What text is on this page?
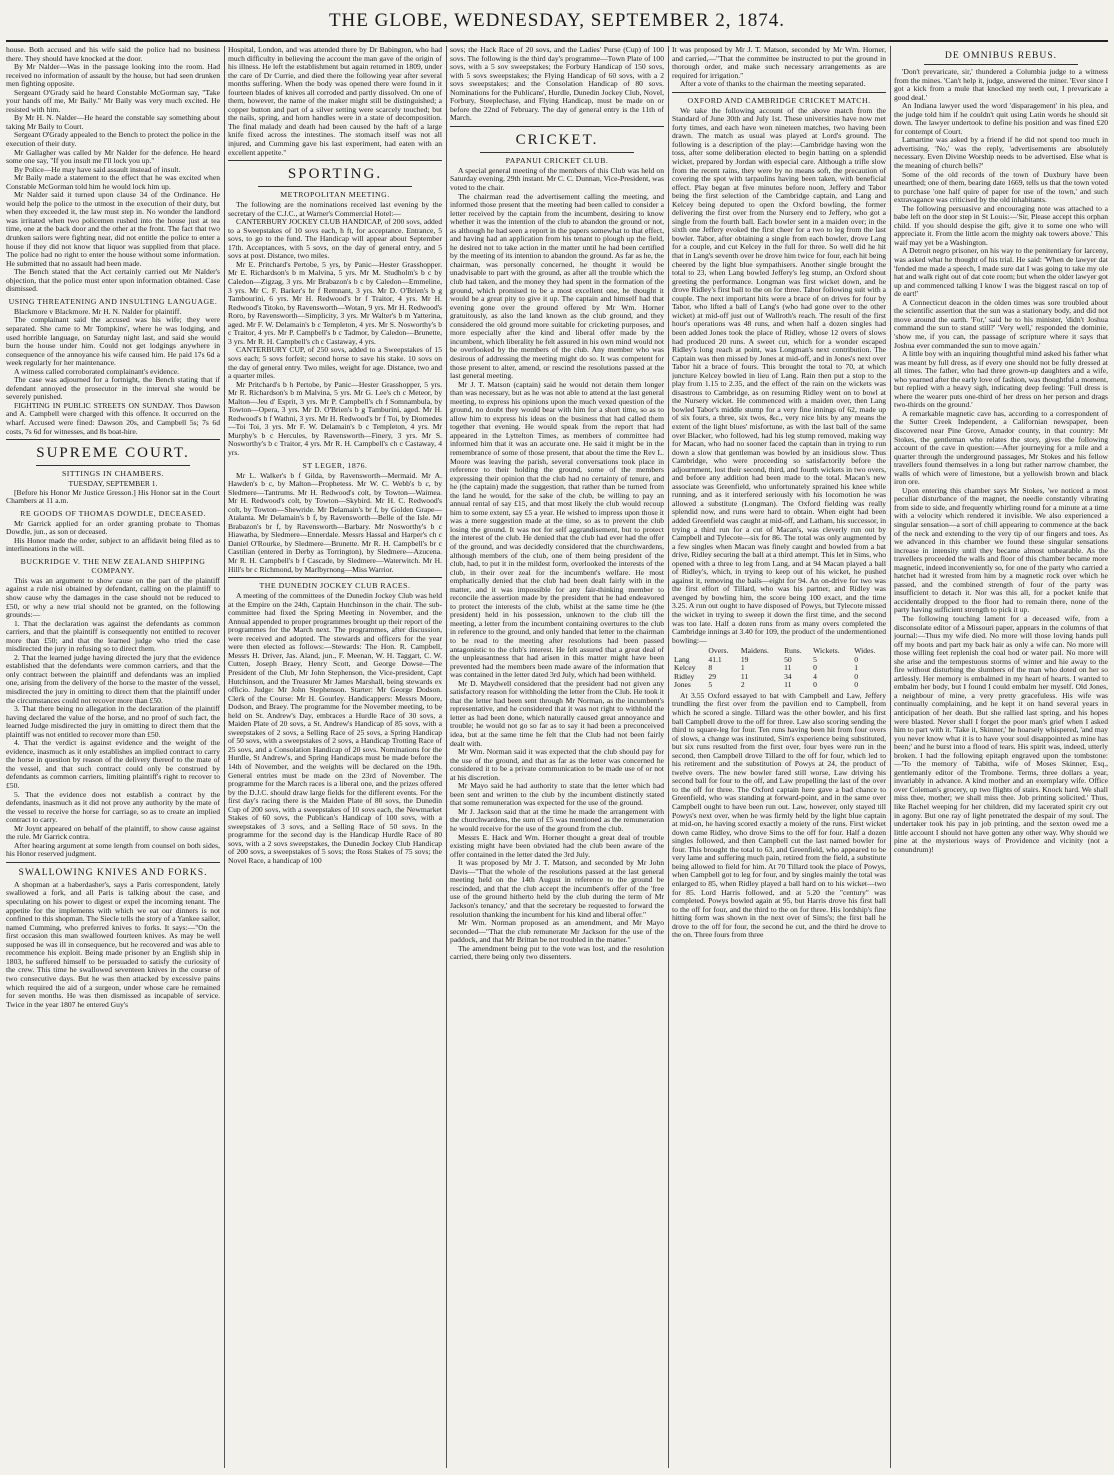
THE GLOBE, WEDNESDAY, SEPTEMBER 2, 1874.

house. Both accused and his wife said the police had no business there. They should have knocked at the door.

By Mr Nalder—Was in the passage looking into the room. Had received no information of assault by the house, but had seen drunken men fighting opposite.

Sergeant O'Grady said he heard Constable McGorman say, "Take your hands off me, Mr Baily." Mr Baily was very much excited. He resisted with him.

By Mr H. N. Nalder—He heard the constable say something about taking Mr Baily to Court.

Sergeant O'Grady appealed to the Bench to protect the police in the execution of their duty.

Mr Gallagher was called by Mr Nalder for the defence. He heard some one say, "If you insult me I'll lock you up."

By Police—He may have said assault instead of insult.

Mr Baily made a statement to the effect that he was excited when Constable McGorman told him he would lock him up.

Mr Nalder said it turned upon clause 34 of the Ordinance. He would help the police to the utmost in the execution of their duty, but when they exceeded it, the law must step in. No wonder the landlord was irritated when two policemen rushed into the house just at tea time, one at the back door and the other at the front. The fact that two drunken sailors were fighting near, did not entitle the police to enter a house if they did not know that liquor was supplied from that place. The police had no right to enter the house without some information. He submitted that no assault had been made.

The Bench stated that the Act certainly carried out Mr Nalder's objection, that the police must enter upon information obtained. Case dismissed.

USING THREATENING AND INSULTING LANGUAGE.

Blackmore v Blackmore. Mr H. N. Nalder for plaintiff.

The complainant said the accused was his wife; they were separated. She came to Mr Tompkins', where he was lodging, and used horrible language, on Saturday night last, and said she would burn the house under him. Could not get lodgings anywhere in consequence of the annoyance his wife caused him. He paid 17s 6d a week regularly for her maintenance.

A witness called corroborated complainant's evidence.

The case was adjourned for a fortnight, the Bench stating that if defendant annoyed the prosecutor in the interval she would be severely punished.

FIGHTING IN PUBLIC STREETS ON SUNDAY. Thos Dawson and A. Campbell were charged with this offence. It occurred on the wharf. Accused were fined: Dawson 20s, and Campbell 5s; 7s 6d costs, 7s 6d for witnesses, and 8s boat-hire.

SUPREME COURT.
SITTINGS IN CHAMBERS.

TUESDAY, SEPTEMBER 1.

[Before his Honor Mr Justice Gresson.] His Honor sat in the Court Chambers at 11 a.m.

RE GOODS OF THOMAS DOWDLE, DECEASED.

Mr Garrick applied for an order granting probate to Thomas Dowdle, jun., as son or deceased.

His Honor made the order, subject to an affidavit being filed as to interlineations in the will.

BUCKRIDGE V. THE NEW ZEALAND SHIPPING COMPANY.

This was an argument to show cause on the part of the plaintiff against a rule nisi obtained by defendant, calling on the plaintiff to show cause why the damages in the case should not be reduced to £50, or why a new trial should not be granted, on the following grounds:—

1. That the declaration was against the defendants as common carriers, and that the plaintiff is consequently not entitled to recover more than £50; and that the learned judge who tried the case misdirected the jury in refusing so to direct them.

2. That the learned judge having directed the jury that the evidence established that the defendants were common carriers, and that the only contract between the plaintiff and defendants was an implied one, arising from the delivery of the horse to the master of the vessel, misdirected the jury in omitting to direct them that the plaintiff under the circumstances could not recover more than £50.

3. That there being no allegation in the declaration of the plaintiff having declared the value of the horse, and no proof of such fact, the learned Judge misdirected the jury in omitting to direct them that the plaintiff was not entitled to recover more than £50.

4. That the verdict is against evidence and the weight of the evidence, inasmuch as it only establishes an implied contract to carry the horse in question by reason of the delivery thereof to the mate of the vessel, and that such contract could only be construed by defendants as common carriers, limiting plaintiff's right to recover to £50.

5. That the evidence does not establish a contract by the defendants, inasmuch as it did not prove any authority by the mate of the vessel to receive the horse for carriage, so as to create an implied contract to carry.

Mr Joynt appeared on behalf of the plaintiff, to show cause against the rule. Mr Garrick contra.

After hearing argument at some length from counsel on both sides, his Honor reserved judgment.

SWALLOWING KNIVES AND FORKS.

A shopman at a haberdasher's, says a Paris correspondent, lately swallowed a fork, and all Paris is talking about the case, and speculating on his power to digest or expel the incoming tenant. The appetite for the implements with which we eat our dinners is not confined to this shopman. The Siecle tells the story of a Yankee sailor, named Cumming, who preferred knives to forks. It says:—"On the first occasion this man swallowed fourteen knives. As may be well supposed he was ill in consequence, but he recovered and was able to recommence his exploit. Being made prisoner by an English ship in 1803, he suffered himself to be persuaded to satisfy the curiosity of the crew. This time he swallowed seventeen knives in the course of two consecutive days. But he was then attacked by excessive pains which required the aid of a surgeon, under whose care he remained for seven months. He was then dismissed as incapable of service. Twice in the year 1807 he entered Guy's

Hospital, London, and was attended there by Dr Babington, who had much difficulty in believing the account the man gave of the origin of his illness. He left the establishment but again returned in 1809, under the care of Dr Currie, and died there the following year after several months suffering. When the body was opened there were found in it fourteen blades of knives all corroded and partly dissolved. On one of them, however, the name of the maker might still be distinguished; a copper button and part of a silver setting were scarcely touched; but the nails, spring, and horn handles were in a state of decomposition. The final malady and death had been caused by the haft of a large knife fixed across the intestines. The stomach itself was not all injured, and Cumming gave his last experiment, had eaten with an excellent appetite."

SPORTING.
METROPOLITAN MEETING.

The following are the nominations received last evening by the secretary of the C.J.C., at Warner's Commercial Hotel:—

CANTERBURY JOCKEY CLUB HANDICAP, of 200 sovs, added to a Sweepstakes of 10 sovs each, h ft, for acceptance. Entrance, 5 sovs, to go to the fund. The Handicap will appear about September 17th. Acceptances, with 5 sovs, on the day of general entry, and 5 sovs at post. Distance, two miles.

Mr E. Pritchard's Pertobe, 5 yrs, by Panic—Hester Grasshopper. Mr E. Richardson's b m Malvina, 5 yrs. Mr M. Studholm's b c by Caledon—Zigzag, 3 yrs. Mr Brabazon's b c by Caledon—Emmeline, 3 yrs. Mr C. F. Barker's br f Remnant, 3 yrs. Mr D. O'Brien's b g Tambourini, 6 yrs. Mr H. Redwood's br f Traitor, 4 yrs. Mr H. Redwood's Titoko, by Ravensworth—Wotan, 9 yrs. Mr H. Redwood's Roro, by Ravensworth—Simplicity, 3 yrs. Mr Walter's b m Yatterina, aged. Mr F. W. Delamain's b c Templeton, 4 yrs. Mr S. Nosworthy's b c Traitor, 4 yrs. Mr P. Campbell's b c Tadmor, by Caledon—Brunette, 3 yrs. Mr R. H. Campbell's ch c Castaway, 4 yrs.

CANTERBURY CUP, of 250 sovs, added to a Sweepstakes of 15 sovs each; 5 sovs forfeit; second horse to save his stake. 10 sovs on the day of general entry. Two miles, weight for age. Distance, two and a quarter miles.

Mr Pritchard's b h Pertobe, by Panic—Hester Grasshopper, 5 yrs. Mr R. Richardson's b m Malvina, 5 yrs. Mr G. Lee's ch c Meteor, by Malton—Jeu d' Esprit, 3 yrs. Mr P. Campbell's ch f Somnambula, by Towton—Opera, 3 yrs. Mr D. O'Brien's b g Tamburini, aged. Mr H. Redwood's b f Wathni, 3 yrs. Mr H. Redwood's br f Toi, by Diomedes—Toi Toi, 3 yrs. Mr F. W. Delamain's b c Templeton, 4 yrs. Mr Murphy's b c Hercules, by Ravensworth—Finery, 3 yrs. Mr S. Nosworthy's b c Traitor, 4 yrs. Mr R. H. Campbell's ch c Castaway, 4 yrs.

ST LEGER, 1876.

Mr L. Walker's b f Gilda, by Ravensworth—Mermaid. Mr A. Hawden's b c, by Malton—Prophetess. Mr W. C. Webb's b c, by Sledmere—Tantrums. Mr H. Redwood's colt, by Towton—Waimea. Mr H. Redwood's colt, by Towton—Skybird. Mr H. C. Redwood's colt, by Towton—Shewride. Mr Delamain's br f, by Golden Grape—Atalanta. Mr Delamain's b f, by Ravensworth—Belle of the Isle. Mr Brabazon's br f, by Ravensworth—Barbary. Mr Nosworthy's b c Hiawatha, by Sledmere—Ennerdale. Messrs Hassal and Harper's ch c Daniel O'Rourke, by Sledmere—Brunette. Mr R. H. Campbell's br c Castilian (entered in Derby as Torrington), by Sledmere—Azucena. Mr R. H. Campbell's b f Cascade, by Sledmere—Waterwitch. Mr H. Hill's br c Richmond, by Marlbyrnong—Miss Warrior.

THE DUNEDIN JOCKEY CLUB RACES.

A meeting of the committees of the Dunedin Jockey Club was held at the Empire on the 24th, Captain Hutchinson in the chair. The sub-committee had fixed the Spring Meeting in November, and the Annual appended to proper programmes brought up their report of the programmes for the March next. The programmes, after discussion, were received and adopted. The stewards and officers for the year were then elected as follows:—Stewards: The Hon. R. Campbell, Messrs H. Driver, Jas. Aland, jun., F. Meenan, W. H. Taggart, C. W. Cutten, Joseph Braey, Henry Scott, and George Dowse—The President of the Club, Mr John Stephenson, the Vice-president, Capt Hutchinson, and the Treasurer Mr James Marshall, being stewards ex officio. Judge: Mr John Stephenson. Starter: Mr George Dodson. Clerk of the Course: Mr H. Gourley. Handicappers: Messrs Moore, Dodson, and Braey. The programme for the November meeting, to be held on St. Andrew's Day, embraces a Hurdle Race of 30 sovs, a Maiden Plate of 20 sovs, a St. Andrew's Handicap of 85 sovs, with a sweepstakes of 2 sovs, a Selling Race of 25 sovs, a Spring Handicap of 50 sovs, with a sweepstakes of 2 sovs, a Handicap Trotting Race of 25 sovs, and a Consolation Handicap of 20 sovs. Nominations for the Hurdle, St Andrew's, and Spring Handicaps must be made before the 14th of November, and the weights will be declared on the 19th. General entries must be made on the 23rd of November. The programme for the March races is a liberal one, and the prizes offered by the D.J.C. should draw large fields for the different events. For the first day's racing there is the Maiden Plate of 80 sovs, the Dunedin Cup of 200 sovs, with a sweepstakes of 10 sovs each, the Newmarket Stakes of 60 sovs, the Publican's Handicap of 100 sovs, with a sweepstakes of 3 sovs, and a Selling Race of 50 sovs. In the programme for the second day is the Handicap Hurdle Race of 80 sovs, with a 2 sovs sweepstakes, the Dunedin Jockey Club Handicap of 200 sovs, a sweepstakes of 5 sovs; the Ross Stakes of 75 sovs; the Novel Race, a handicap of 100

sovs; the Hack Race of 20 sovs, and the Ladies' Purse (Cup) of 100 sovs. The following is the third day's programme—Town Plate of 100 sovs, with a 5 sov sweepstakes; the Forbury Handicap of 150 sovs, with 5 sovs sweepstakes; the Flying Handicap of 60 sovs, with a 2 sovs sweepstakes; and the Consolation Handicap of 80 sovs. Nominations for the Publicans', Hurdle, Dunedin Jockey Club, Novel, Forbury, Steeplechase, and Flying Handicap, must be made on or before the 22nd of February. The day of general entry is the 11th of March.

CRICKET.
PAPANUI CRICKET CLUB.

A special general meeting of the members of this Club was held on Saturday evening, 29th instant. Mr C. C. Dunnan, Vice-President, was voted to the chair.

The chairman read the advertisement calling the meeting, and informed those present that the meeting had been called to consider a letter received by the captain from the incumbent, desiring to know whether it was the intention of the club to abandon the ground or not, as although he had seen a report in the papers somewhat to that effect, and having had an application from his tenant to plough up the field, he desired not to take action in the matter until he had been certified by the meeting of its intention to abandon the ground. As far as he, the chairman, was personally concerned, he thought it would be unadvisable to part with the ground, as after all the trouble which the club had taken, and the money they had spent in the formation of the ground, which promised to be a most excellent one, he thought it would be a great pity to give it up. The captain and himself had that evening gone over the ground offered by Mr Wm. Horner gratuitously, as also the land known as the club ground, and they considered the old ground more suitable for cricketing purposes, and more especially after the kind and liberal offer made by the incumbent, which liberality he felt assured in his own mind would not be overlooked by the members of the club. Any member who was desirous of addressing the meeting might do so. It was competent for those present to alter, amend, or rescind the resolutions passed at the last general meeting.

Mr J. T. Matson (captain) said he would not detain them longer than was necessary, but as he was not able to attend at the last general meeting, to express his opinions upon the much vexed question of the ground, no doubt they would bear with him for a short time, so as to allow him to express his ideas on the business that had called them together that evening. He would speak from the report that had appeared in the Lyttelton Times, as members of committee had informed him that it was an accurate one. He said it might be in the remembrance of some of those present, that about the time the Rev L. Moore was leaving the parish, several conversations took place in reference to their holding the ground, some of the members expressing their opinion that the club had no certainty of tenure, and he (the captain) made the suggestion, that rather than be turned from the land he would, for the sake of the club, be willing to pay an annual rental of say £15, and that most likely the club would recoup him to some extent, say £5 a year. He wished to impress upon those it was a mere suggestion made at the time, so as to prevent the club losing the ground. It was not for self aggrandisement, but to protect the interest of the club. He denied that the club had ever had the offer of the ground, and was decidedly considered that the churchwardens, although members of the club, one of them being president of the club, had, to put it in the mildest form, overlooked the interests of the club, in their over zeal for the incumbent's welfare. He most emphatically denied that the club had been dealt fairly with in the matter, and it was impossible for any fair-thinking member to reconcile the assertion made by the president that he had endeavored to protect the interests of the club, whilst at the same time he (the president) held in his possession, unknown to the club till the meeting, a letter from the incumbent containing overtures to the club in reference to the ground, and only handed that letter to the chairman to be read to the meeting after resolutions had been passed antagonistic to the club's interest. He felt assured that a great deal of the unpleasantness that had arisen in this matter might have been prevented had the members been made aware of the information that was contained in the letter dated 3rd July, which had been withheld.

Mr D. Maydwell considered that the president had not given any satisfactory reason for withholding the letter from the Club. He took it that the letter had been sent through Mr Norman, as the incumbent's representative, and he considered that it was not right to withhold the letter as had been done, which naturally caused great annoyance and trouble; he would not go so far as to say it had been a preconceived idea, but at the same time he felt that the Club had not been fairly dealt with.

Mr Wm. Norman said it was expected that the club should pay for the use of the ground, and that as far as the letter was concerned he considered it to be a private communication to be made use of or not at his discretion.

Mr Mayo said he had authority to state that the letter which had been sent and written to the club by the incumbent distinctly stated that some remuneration was expected for the use of the ground.

Mr J. Jackson said that at the time he made the arrangement with the churchwardens, the sum of £5 was mentioned as the remuneration he would receive for the use of the ground from the club.

Messrs E. Hack and Wm. Horner thought a great deal of trouble existing might have been obviated had the club been aware of the offer contained in the letter dated the 3rd July.

It was proposed by Mr J. T. Matson, and seconded by Mr John Davis—"That the whole of the resolutions passed at the last general meeting held on the 14th August in reference to the ground be rescinded, and that the club accept the incumbent's offer of the 'free use of the ground hitherto held by the club during the term of Mr Jackson's tenancy,' and that the secretary be requested to forward the resolution thanking the incumbent for his kind and liberal offer."

Mr Wm. Norman proposed as an amendment, and Mr Mayo seconded—"That the club remunerate Mr Jackson for the use of the paddock, and that Mr Brittan be not troubled in the matter."

The amendment being put to the vote was lost, and the resolution carried, there being only two dissenters.

It was proposed by Mr J. T. Matson, seconded by Mr Wm. Horner, and carried,—"That the committee be instructed to put the ground in thorough order, and make such necessary arrangements as are required for irrigation."

After a vote of thanks to the chairman the meeting separated.

OXFORD AND CAMBRIDGE CRICKET MATCH.

We take the following account of the above match from the Standard of June 30th and July 1st. These universities have now met forty times, and each have won nineteen matches, two having been drawn. The match as usual was played at Lord's ground. The following is a description of the play:—Cambridge having won the toss, after some deliberation elected to begin batting on a splendid wicket, prepared by Jordan with especial care. Although a trifle slow from the recent rains, they were by no means soft, the precaution of covering the spot with tarpaulins having been taken, with beneficial effect. Play began at five minutes before noon, Jeffery and Tabor being the first selection of the Cambridge captain, and Lang and Kelcey being deputed to open the Oxford bowling, the former delivering the first over from the Nursery end to Jeffery, who got a single from the fourth ball. Each bowler sent in a maiden over; in the sixth one Jeffery evoked the first cheer for a two to leg from the last bowler. Tabor, after obtaining a single from each bowler, drove Lang for a couple, and cut Kelcey in the full for three. So well did he hit that in Lang's seventh over he drove him twice for four, each hit being cheered by the light blue sympathisers. Another single brought the total to 23, when Lang bowled Jeffery's leg stump, an Oxford shout greeting the performance. Longman was first wicket down, and he drove Ridley's first ball to the on for three. Tabor following suit with a couple. The next important hits were a brace of on drives for four by Tabor, who lifted a ball of Lang's (who had gone over to the other wicket) at mid-off just out of Wallroth's reach. The result of the first hour's operations was 48 runs, and when half a dozen singles had been added Jones took the place of Ridley, whose 12 overs of slows had produced 20 runs. A sweet cut, which for a wonder escaped Ridley's long reach at point, was Longman's next contribution. The Captain was then missed by Jones at mid-off, and in Jones's next over Tabor hit a brace of fours. This brought the total to 70, at which juncture Kelcey bowled in lieu of Lang. Rain then put a stop to the play from 1.15 to 2.35, and the effect of the rain on the wickets was disastrous to Cambridge, as on resuming Ridley went on to bowl at the Nursery wicket. He commenced with a maiden over, then Lang bowled Tabor's middle stump for a very fine innings of 62, made up of six fours, a three, six twos, &c., very nice hits by any means the extent of the light blues' misfortune, as with the last ball of the same over Blacker, who followed, had his leg stump removed, making way for Macan, who had no sooner faced the captain than in trying to run down a slow that gentleman was bowled by an insidious slow. Thus Cambridge, who were proceeding so satisfactorily before the adjournment, lost their second, third, and fourth wickets in two overs, and before any addition had been made to the total. Macan's new associate was Greenfield, who unfortunately sprained his knee while running, and as it interfered seriously with his locomotion he was allowed a substitute (Longman). The Oxford fielding was really splendid now, and runs were hard to obtain. When eight had been added Greenfield was caught at mid-off, and Latham, his successor, in trying a third run for a cut of Macan's, was cleverly run out by Campbell and Tylecote—six for 86. The total was only augmented by a few singles when Macan was finely caught and bowled from a bat drive, Ridley securing the ball at a third attempt. This let in Sims, who opened with a three to leg from Lang, and at 94 Macan played a ball of Ridley's, which, in trying to keep out of his wicket, he pushed against it, removing the bails—eight for 94. An on-drive for two was the first effort of Tillard, who was his partner, and Ridley was avenged by bowling him, the score being 100 exact, and the time 3.25. A run out ought to have disposed of Powys, but Tylecote missed the wicket in trying to sweep it down the first time, and the second was too late. Half a dozen runs from as many overs completed the Cambridge innings at 3.40 for 109, the product of the undermentioned bowling:—

	Overs.	Maidens.	Runs.	Wickets.	Wides.
Lang	41.1	19	50	5	0
Kelcey	8	1	11	0	1
Ridley	29	11	34	4	0
Jones	5	2	11	0	0

At 3.55 Oxford essayed to bat with Campbell and Law, Jeffery trundling the first over from the pavilion end to Campbell, from which he scored a single. Tillard was the other bowler, and his first ball Campbell drove to the off for three. Law also scoring sending the third to square-leg for four. Ten runs having been hit from four overs of slows, a change was instituted, Sim's experience being substituted, but six runs resulted from the first over, four byes were run in the second, then Campbell drove Tillard to the off for four, which led to his retirement and the substitution of Powys at 24, the product of twelve overs. The new bowler fared still worse, Law driving his second ball for four to the off, and Law propelling the last of the over to the off for three. The Oxford captain here gave a bad chance to Greenfield, who was standing at forward-point, and in the same over Campbell ought to have been run out. Law, however, only stayed till Powys's next over, when he was firmly held by the light blue captain at mid-on, he having scored exactly a moiety of the runs. First wicket down came Ridley, who drove Sims to the off for four. Half a dozen singles followed, and then Campbell cut the last named bowler for four. This brought the total to 63, and Greenfield, who appeared to be very lame and suffering much pain, retired from the field, a substitute being allowed to field for him. At 70 Tillard took the place of Powys, when Campbell got to leg for four, and by singles mainly the total was enlarged to 85, when Ridley played a ball hard on to his wicket—two for 85. Lord Harris followed, and at 5.20 the "century" was completed. Powys bowled again at 95, but Harris drove his first ball to the off for four, and the third to the on for three. His lordship's fine hitting form was shown in the next over of Sims's; the first ball he drove to the off for four, the second he cut, and the third he drove to the on. Three fours from three

DE OMNIBUS REBUS.

'Don't prevaricate, sir,' thundered a Columbia judge to a witness from the mines. 'Can't help it, judge, answered the miner. 'Ever since I got a kick from a mule that knocked my teeth out, I prevaricate a good deal.'

An Indiana lawyer used the word 'disparagement' in his plea, and the judge told him if he couldn't quit using Latin words he should sit down. The lawyer undertook to define his position and was fined £20 for contempt of Court.

Lamartine was asked by a friend if he did not spend too much in advertising. 'No,' was the reply, 'advertisements are absolutely necessary. Even Divine Worship needs to be advertised. Else what is the meaning of church bells?'

Some of the old records of the town of Duxbury have been unearthed; one of them, bearing date 1669, tells us that the town voted to purchase 'one half quire of paper for use of the town,' and such extravagance was criticised by the old inhabitants.

The following persuasive and encouraging note was attached to a babe left on the door step in St Louis:—'Sir, Please accept this orphan child. If you should despise the gift, give it to some one who will appreciate it. From the little acorn the mighty oak towers above.' This waif may yet be a Washington.

A Detroit negro prisoner, on his way to the penitentiary for larceny, was asked what he thought of his trial. He said: 'When de lawyer dat 'fended me made a speech, I made sure dat I was going to take my ole hat and walk right out of dat cote room; but when the older lawyer got up and commenced talking I know I was the biggest rascal on top of de eart!'

A Connecticut deacon in the olden times was sore troubled about the scientific assertion that the sun was a stationary body, and did not move around the earth. 'For,' said he to his minister, 'didn't Joshua command the sun to stand still?' 'Very well,' responded the dominie, 'show me, if you can, the passage of scripture where it says that Joshua ever commanded the sun to move again.'

A little boy with an inquiring thoughtful mind asked his father what was meant by full dress, as if every one should not be fully dressed at all times. The father, who had three grown-up daughters and a wife, who yearned after the early love of fashion, was thoughtful a moment, but replied with a heavy sigh, indicating deep feeling: 'Full dress is where the wearer puts one-third of her dress on her person and drags two-thirds on the ground.'

A remarkable magnetic cave has, according to a correspondent of the Sutter Creek Independent, a Californian newspaper, been discovered near Pine Grove, Amador county, in that country: Mr Stokes, the gentleman who relates the story, gives the following account of the cave in question:—After journeying for a mile and a quarter through the underground passages, Mr Stokes and his fellow travellers found themselves in a long but rather narrow chamber, the walls of which were of limestone, but a yellowish brown and black iron ore.

Upon entering this chamber says Mr Stokes, 'we noticed a most peculiar disturbance of the magnet, the needle constantly vibrating from side to side, and frequently whirling round for a minute at a time with a velocity which rendered it invisible. We also experienced a singular sensation—a sort of chill appearing to commence at the back of the neck and extending to the very tip of our fingers and toes. As we advanced in this chamber we found these singular sensations increase in intensity until they became almost unbearable. As the travellers proceeded the walls and floor of this chamber became more magnetic, indeed inconveniently so, for one of the party who carried a hatchet had it wrested from him by a magnetic rock over which he passed, and the combined strength of four of the party was insufficient to detach it. Nor was this all, for a pocket knife that accidentally dropped to the floor had to remain there, none of the party having sufficient strength to pick it up.

The following touching lament for a deceased wife, from a disconsolate editor of a Missouri paper, appears in the columns of that journal:—Thus my wife died. No more will those loving hands pull off my boots and part my back hair as only a wife can. No more will those willing feet replenish the coal hod or water pail. No more will she arise and the tempestuous storms of winter and hie away to the fire without disturbing the slumbers of the man who doted on her so artlessly. Her memory is embalmed in my heart of hearts. I wanted to embalm her body, but I found I could embalm her myself. Old Jones, a neighbour of mine, a very pretty gracefuless. His wife was continually complaining, and he kept it on hand several years in anticipation of her death. But she rallied last spring, and his hopes were blasted. Never shall I forget the poor man's grief when I asked him to part with it. 'Take it, Skinner,' he hoarsely whispered, 'and may you never know what it is to have your soul disappointed as mine has been;' and he burst into a flood of tears. His spirit was, indeed, utterly broken. I had the following epitaph engraved upon the tombstone:—'To the memory of Tabitha, wife of Moses Skinner, Esq., gentlemanly editor of the Trombone. Terms, three dollars a year, invariably in advance. A kind mother and an exemplary wife. Office over Coleman's grocery, up two flights of stairs. Knock hard. We shall miss thee, mother; we shall miss thee. Job printing solicited.' Thus, like Rachel weeping for her children, did my lacerated spirit cry out in agony. But one ray of light penetrated the despair of my soul. The undertaker took his pay in job printing, and the sexton owed me a little account I should not have gotten any other way. Why should we pine at the mysterious ways of Providence and vicinity (not a conundrum)!
